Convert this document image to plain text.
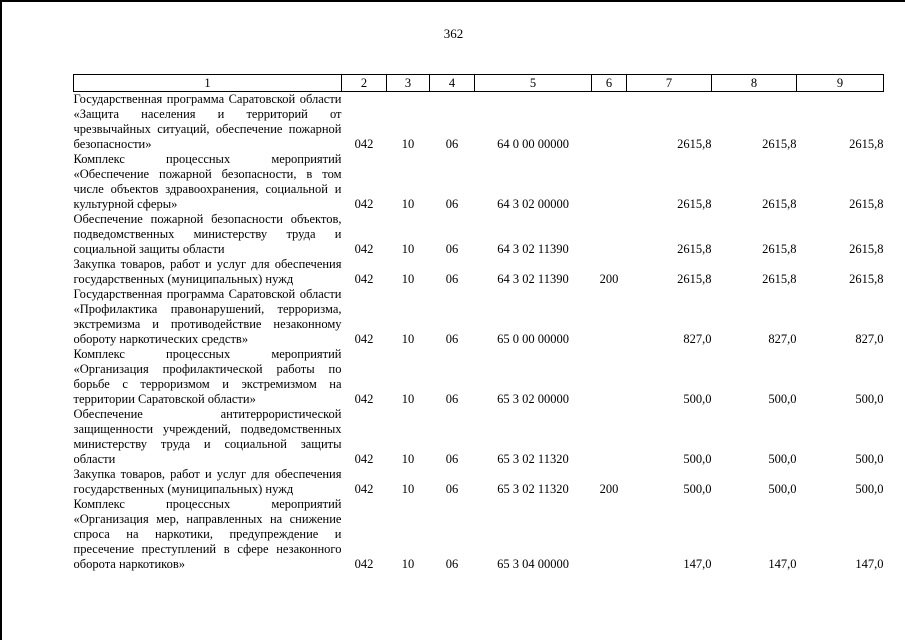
362
1	2	3	4	5	6	7	8	9
Государственная программа Саратовской области «Защита населения и территорий от чрезвычайных ситуаций, обеспечение пожарной безопасности»	042	10	06	64 0 00 00000		2615,8	2615,8	2615,8
Комплекс процессных мероприятий «Обеспечение пожарной безопасности, в том числе объектов здравоохранения, социальной и культурной сферы»	042	10	06	64 3 02 00000		2615,8	2615,8	2615,8
Обеспечение пожарной безопасности объектов, подведомственных министерству труда и социальной защиты области	042	10	06	64 3 02 11390		2615,8	2615,8	2615,8
Закупка товаров, работ и услуг для обеспечения государственных (муниципальных) нужд	042	10	06	64 3 02 11390	200	2615,8	2615,8	2615,8
Государственная программа Саратовской области «Профилактика правонарушений, терроризма, экстремизма и противодействие незаконному обороту наркотических средств»	042	10	06	65 0 00 00000		827,0	827,0	827,0
Комплекс процессных мероприятий «Организация профилактической работы по борьбе с терроризмом и экстремизмом на территории Саратовской области»	042	10	06	65 3 02 00000		500,0	500,0	500,0
Обеспечение антитеррористической защищенности учреждений, подведомственных министерству труда и социальной защиты области	042	10	06	65 3 02 11320		500,0	500,0	500,0
Закупка товаров, работ и услуг для обеспечения государственных (муниципальных) нужд	042	10	06	65 3 02 11320	200	500,0	500,0	500,0
Комплекс процессных мероприятий «Организация мер, направленных на снижение спроса на наркотики, предупреждение и пресечение преступлений в сфере незаконного оборота наркотиков»	042	10	06	65 3 04 00000		147,0	147,0	147,0
